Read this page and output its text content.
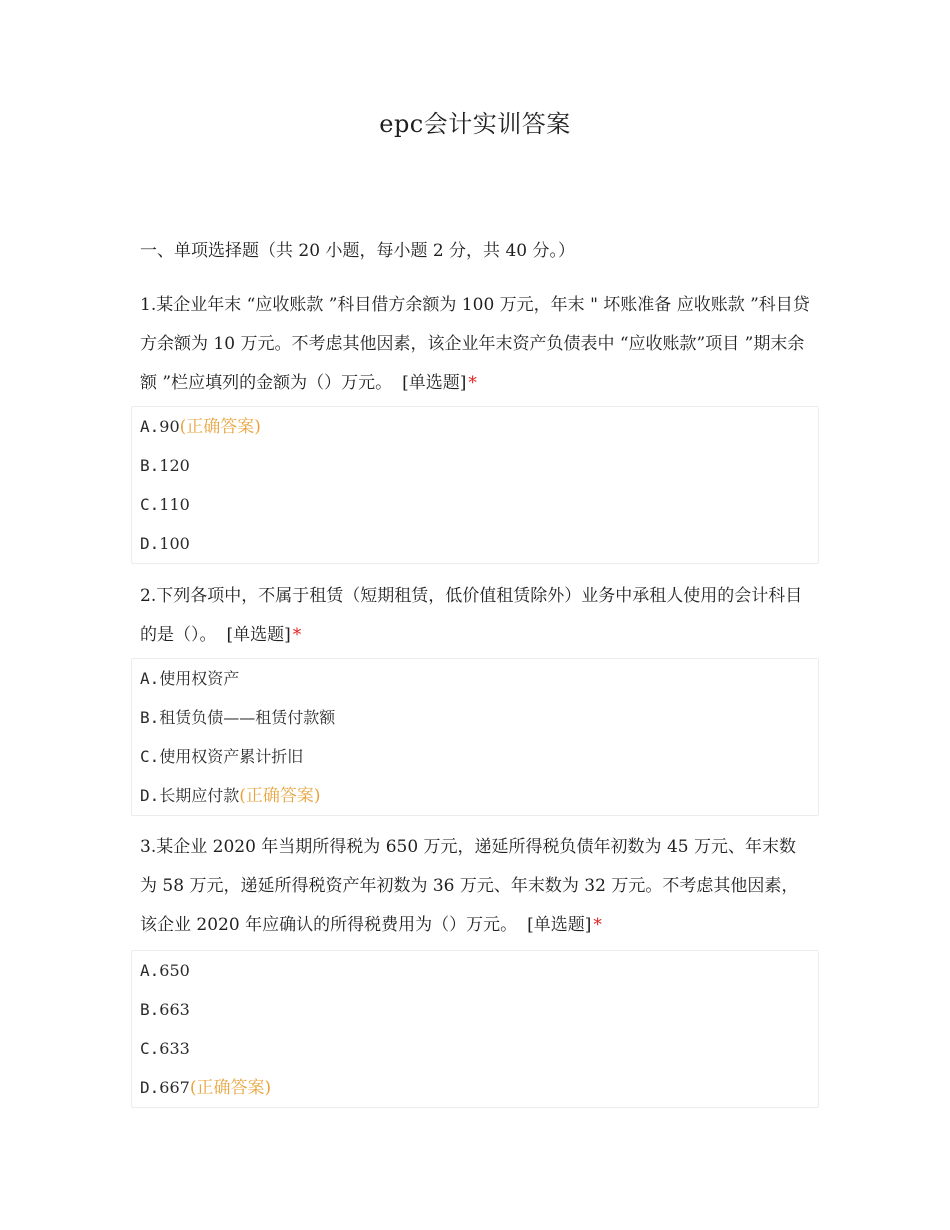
epc会计实训答案
一、单项选择题（共 20 小题，每小题 2 分，共 40 分。）

1.某企业年末 “应收账款 ”科目借方余额为 100 万元，年末 " 坏账准备 应收账款 ”科目贷方余额为 10 万元。不考虑其他因素，该企业年末资产负债表中 “应收账款”项目 ”期末余额 ”栏应填列的金额为（）万元。 [单选题] *

A.90(正确答案)
B.120
C.110
D.100

2.下列各项中，不属于租赁（短期租赁，低价值租赁除外）业务中承租人使用的会计科目的是（）。 [单选题] *

A.使用权资产
B.租赁负债——租赁付款额
C.使用权资产累计折旧
D.长期应付款(正确答案)

3.某企业 2020 年当期所得税为 650 万元，递延所得税负债年初数为 45 万元、年末数为 58 万元，递延所得税资产年初数为 36 万元、年末数为 32 万元。不考虑其他因素，该企业 2020 年应确认的所得税费用为（）万元。 [单选题] *

A.650
B.663
C.633
D.667(正确答案)
